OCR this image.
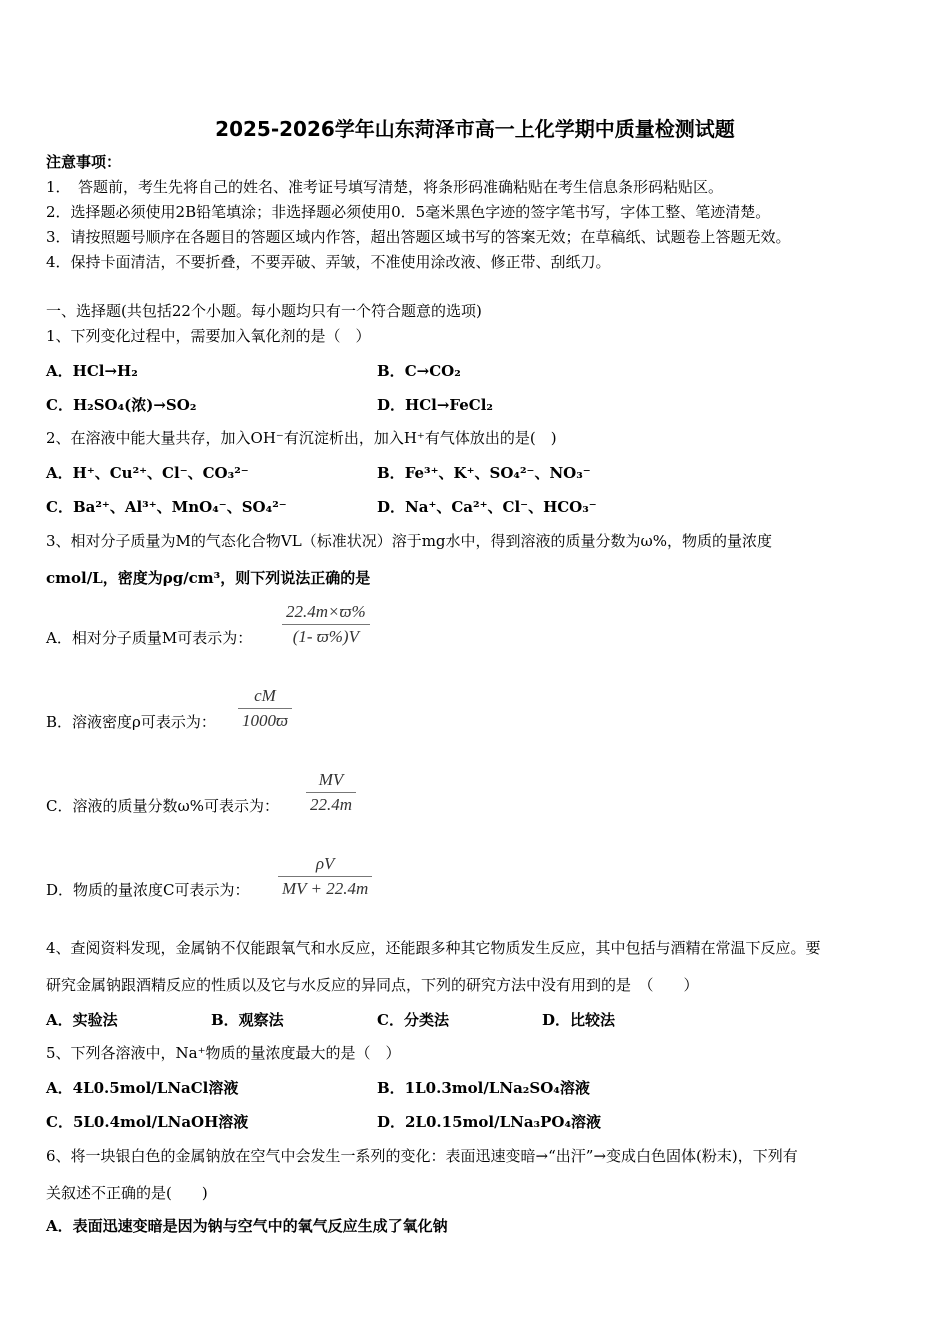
2025-2026学年山东菏泽市高一上化学期中质量检测试题
注意事项：
1．　答题前，考生先将自己的姓名、准考证号填写清楚，将条形码准确粘贴在考生信息条形码粘贴区。
2．选择题必须使用2B铅笔填涂；非选择题必须使用0．5毫米黑色字迹的签字笔书写，字体工整、笔迹清楚。
3．请按照题号顺序在各题目的答题区域内作答，超出答题区域书写的答案无效；在草稿纸、试题卷上答题无效。
4．保持卡面清洁，不要折叠，不要弄破、弄皱，不准使用涂改液、修正带、刮纸刀。
一、选择题(共包括22个小题。每小题均只有一个符合题意的选项)
1、下列变化过程中，需要加入氧化剂的是（　）
A．HCl→H₂	B．C→CO₂
C．H₂SO₄(浓)→SO₂	D．HCl→FeCl₂
2、在溶液中能大量共存，加入OH⁻有沉淀析出，加入H⁺有气体放出的是(　)
A．H⁺、Cu²⁺、Cl⁻、CO₃²⁻	B．Fe³⁺、K⁺、SO₄²⁻、NO₃⁻
C．Ba²⁺、Al³⁺、MnO₄⁻、SO₄²⁻	D．Na⁺、Ca²⁺、Cl⁻、HCO₃⁻
3、相对分子质量为M的气态化合物VL（标准状况）溶于mg水中，得到溶液的质量分数为ω%，物质的量浓度
cmol/L，密度为ρg/cm³，则下列说法正确的是
A．相对分子质量M可表示为： $\frac{22.4m\times ϖ\%}{(1- ϖ\%)V}$
B．溶液密度ρ可表示为： $\frac{cM}{1000ϖ}$
C．溶液的质量分数ω%可表示为： $\frac{MV}{22.4m}$
D．物质的量浓度C可表示为： $\frac{\rho V}{MV + 22.4m}$
4、查阅资料发现，金属钠不仅能跟氧气和水反应，还能跟多种其它物质发生反应，其中包括与酒精在常温下反应。要
研究金属钠跟酒精反应的性质以及它与水反应的异同点，下列的研究方法中没有用到的是　（　　）
A．实验法	B．观察法	C．分类法	D．比较法
5、下列各溶液中，Na⁺物质的量浓度最大的是（　）
A．4L0.5mol/LNaCl溶液	B．1L0.3mol/LNa₂SO₄溶液
C．5L0.4mol/LNaOH溶液	D．2L0.15mol/LNa₃PO₄溶液
6、将一块银白色的金属钠放在空气中会发生一系列的变化：表面迅速变暗→“出汗”→变成白色固体(粉末)，下列有
关叙述不正确的是(　　)
A．表面迅速变暗是因为钠与空气中的氧气反应生成了氧化钠
